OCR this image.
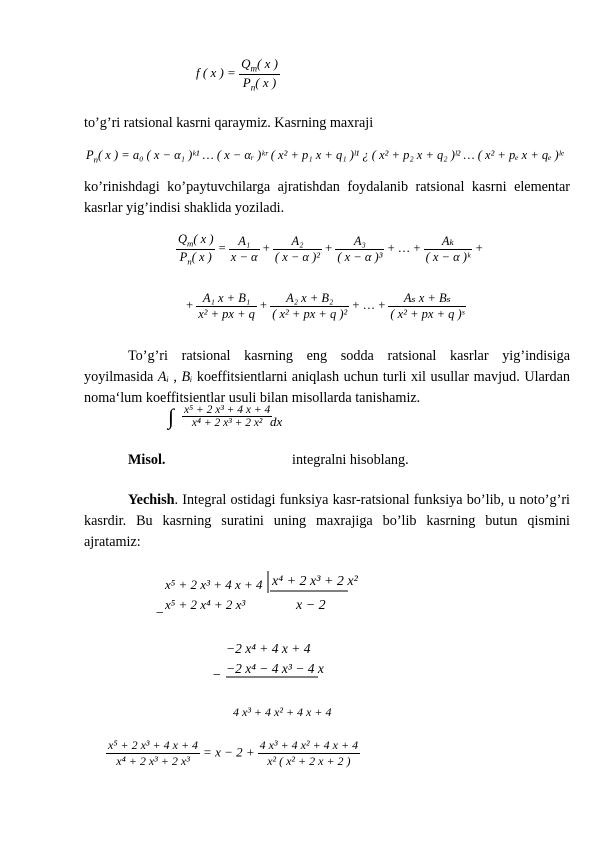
f ( x ) = $\frac{Q_m( x )}{P_n( x )}$
to’g’ri ratsional kasrni qaraymiz. Kasrning maxraji
$P_n$( x ) = a₀ ( x − α₁ )ᵏ¹ … ( x − αᵣ )ᵏʳ ( x² + p₁ x + q₁ )ˡ¹ ¿ ( x² + p₂ x + q₂ )ˡ² … ( x² + pₑ x + qₑ )ˡᵉ
ko’rinishdagi ko’paytuvchilarga ajratishdan foydalanib ratsional kasrni elementar kasrlar yig’indisi shaklida yoziladi.
$\frac{Q_m( x )}{P_n( x )} = \frac{\text{A₁}}{x - \alpha} + \frac{\text{A₂}}{\text{( x − α )²}} + \frac{\text{A₃}}{\text{( x − α )³}}$ + … + $\frac{\text{Aₖ}}{\text{( x − α )ᵏ}}$ +
+ $\frac{\text{A₁ x + B₁}}{\text{x² + px + q}} + \frac{\text{A₂ x + B₂}}{\text{( x² + px + q )²}}$ + … + $\frac{\text{Aₛ x + Bₛ}}{\text{( x² + px + q )ˢ}}$
To’g’ri ratsional kasrning eng sodda ratsional kasrlar yig’indisiga yoyilmasida Aᵢ , Bᵢ koeffitsientlarni aniqlash uchun turli xil usullar mavjud. Ulardan noma‘lum koeffitsientlar usuli bilan misollarda tanishamiz.
Misol.
∫ $\frac{\text{x⁵ + 2 x³ + 4 x + 4}}{\text{x⁴ + 2 x³ + 2 x²}}$
dx
integralni hisoblang.
Yechish. Integral ostidagi funksiya kasr-ratsional funksiya bo’lib, u noto’g’ri kasrdir. Bu kasrning suratini uning maxrajiga bo’lib kasrning butun qismini ajratamiz:
x⁵ + 2 x³ + 4 x + 4
−
x⁵ + 2 x⁴ + 2 x³
x⁴ + 2 x³ + 2 x²
x − 2
−2 x⁴ + 4 x + 4
− −2 x⁴ − 4 x³ − 4 x
4 x³ + 4 x² + 4 x + 4
$\frac{\text{x⁵ + 2 x³ + 4 x + 4}}{\text{x⁴ + 2 x³ + 2 x³}} = x - 2 + \frac{\text{4 x³ + 4 x² + 4 x + 4}}{\text{x² ( x² + 2 x + 2 )}}$
